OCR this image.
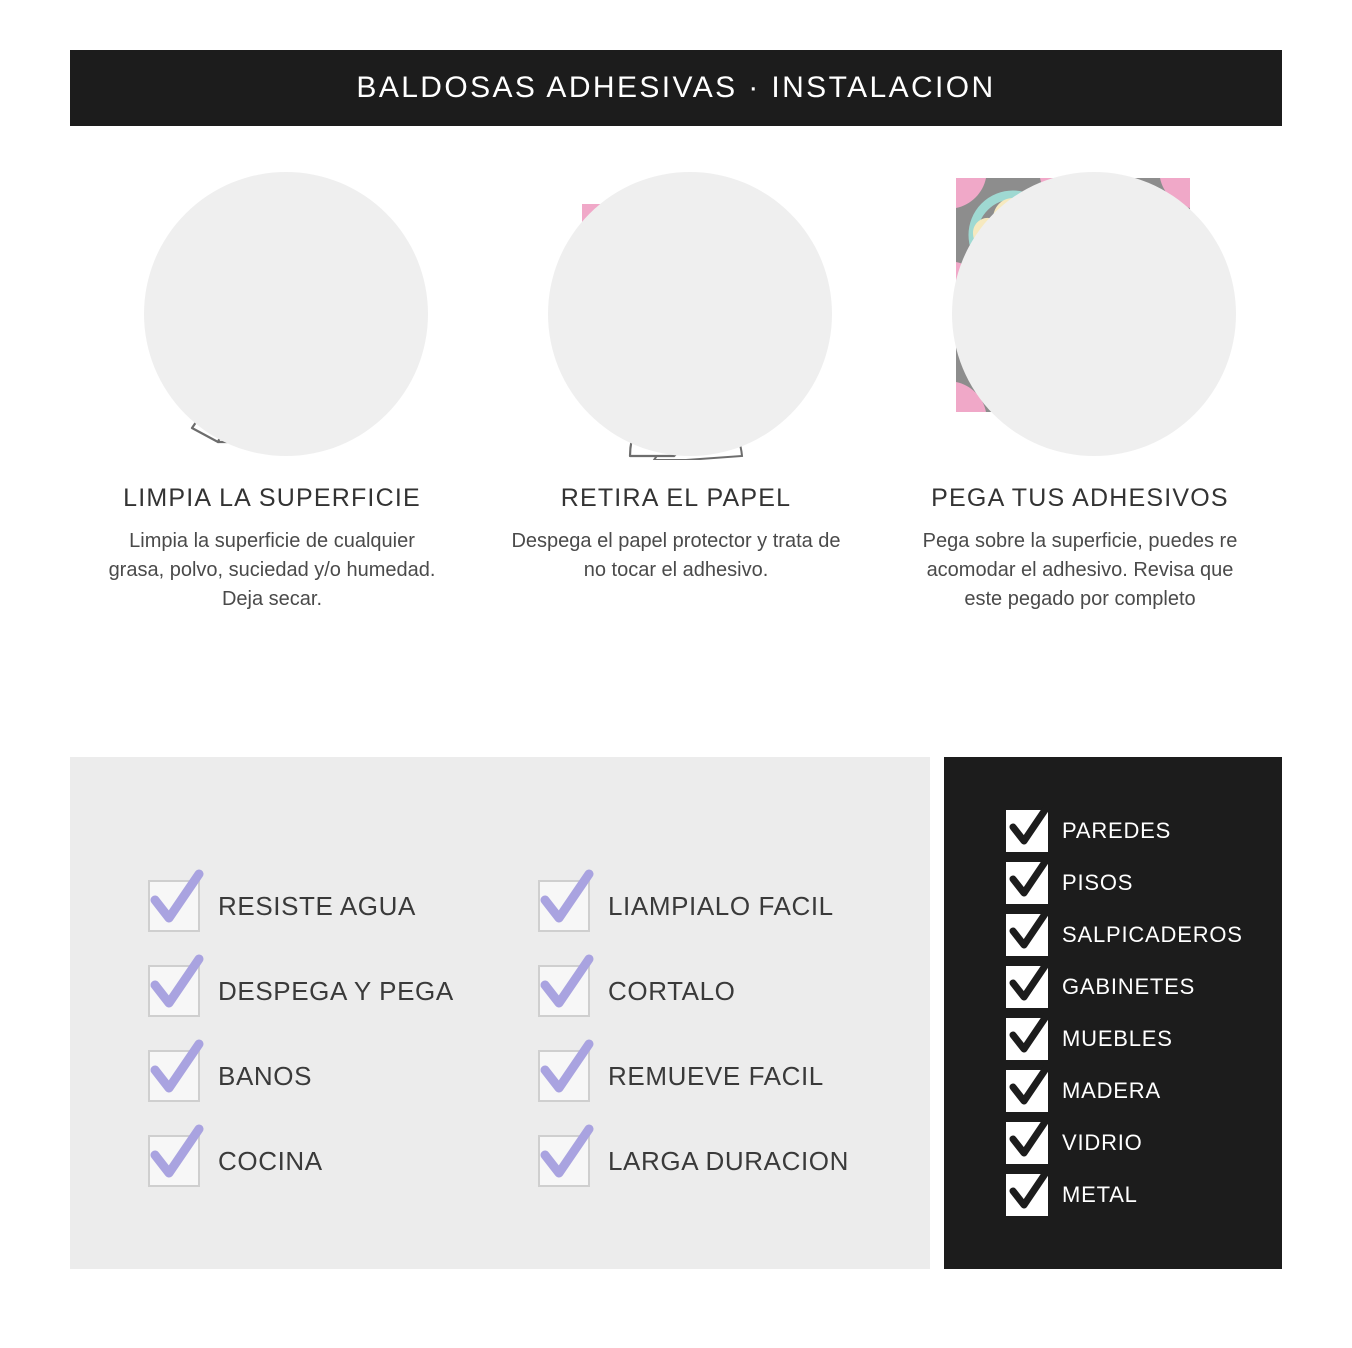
BALDOSAS ADHESIVAS · INSTALACION
LIMPIA LA SUPERFICIE
Limpia la superficie de cualquier grasa, polvo, suciedad y/o humedad. Deja secar.
RETIRA EL PAPEL
Despega el papel protector y trata de no tocar el adhesivo.
PEGA TUS ADHESIVOS
Pega sobre la superficie, puedes re acomodar el adhesivo. Revisa que este pegado por completo
RESISTE AGUA	LIAMPIALO FACIL
DESPEGA Y PEGA	CORTALO
BANOS	REMUEVE FACIL
COCINA	LARGA DURACION
PAREDES
PISOS
SALPICADEROS
GABINETES
MUEBLES
MADERA
VIDRIO
METAL
